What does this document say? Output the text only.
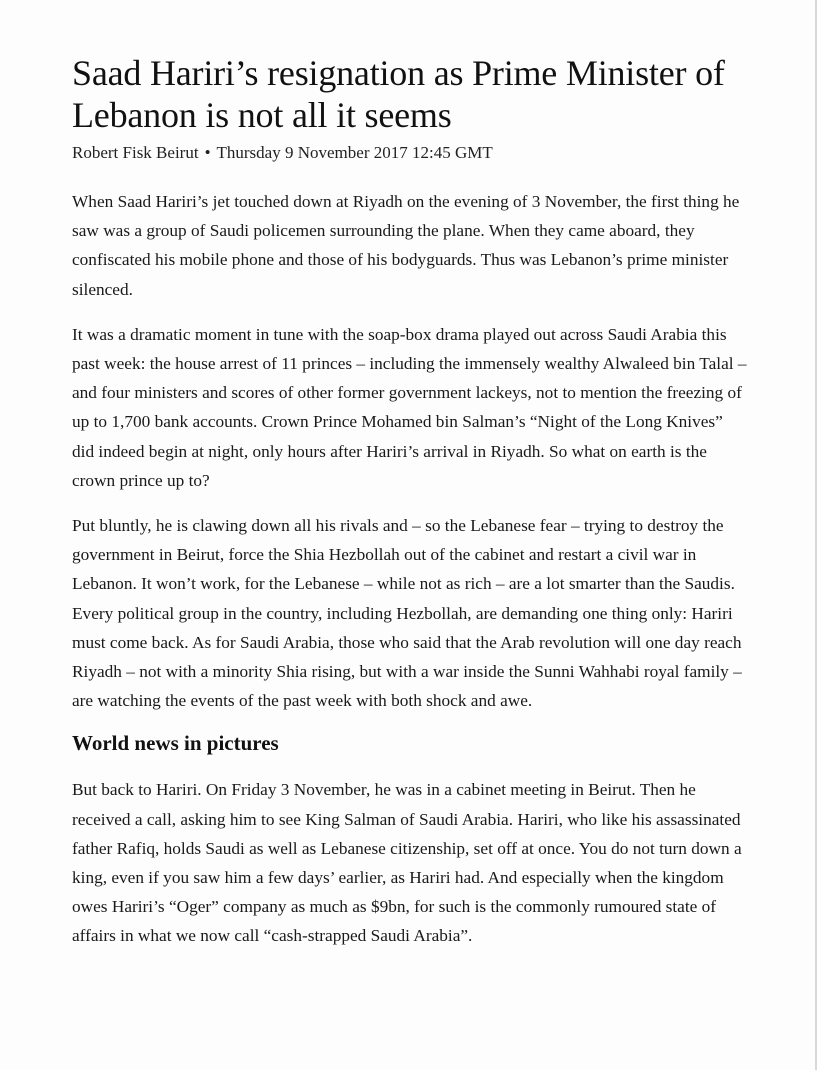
Saad Hariri’s resignation as Prime Minister of Lebanon is not all it seems
Robert Fisk Beirut • Thursday 9 November 2017 12:45 GMT

When Saad Hariri’s jet touched down at Riyadh on the evening of 3 November, the first thing he saw was a group of Saudi policemen surrounding the plane. When they came aboard, they confiscated his mobile phone and those of his bodyguards. Thus was Lebanon’s prime minister silenced.

It was a dramatic moment in tune with the soap-box drama played out across Saudi Arabia this past week: the house arrest of 11 princes – including the immensely wealthy Alwaleed bin Talal – and four ministers and scores of other former government lackeys, not to mention the freezing of up to 1,700 bank accounts. Crown Prince Mohamed bin Salman’s “Night of the Long Knives” did indeed begin at night, only hours after Hariri’s arrival in Riyadh. So what on earth is the crown prince up to?

Put bluntly, he is clawing down all his rivals and – so the Lebanese fear – trying to destroy the government in Beirut, force the Shia Hezbollah out of the cabinet and restart a civil war in Lebanon. It won’t work, for the Lebanese – while not as rich – are a lot smarter than the Saudis. Every political group in the country, including Hezbollah, are demanding one thing only: Hariri must come back. As for Saudi Arabia, those who said that the Arab revolution will one day reach Riyadh – not with a minority Shia rising, but with a war inside the Sunni Wahhabi royal family – are watching the events of the past week with both shock and awe.

World news in pictures

But back to Hariri. On Friday 3 November, he was in a cabinet meeting in Beirut. Then he received a call, asking him to see King Salman of Saudi Arabia. Hariri, who like his assassinated father Rafiq, holds Saudi as well as Lebanese citizenship, set off at once. You do not turn down a king, even if you saw him a few days’ earlier, as Hariri had. And especially when the kingdom owes Hariri’s “Oger” company as much as $9bn, for such is the commonly rumoured state of affairs in what we now call “cash-strapped Saudi Arabia”.
